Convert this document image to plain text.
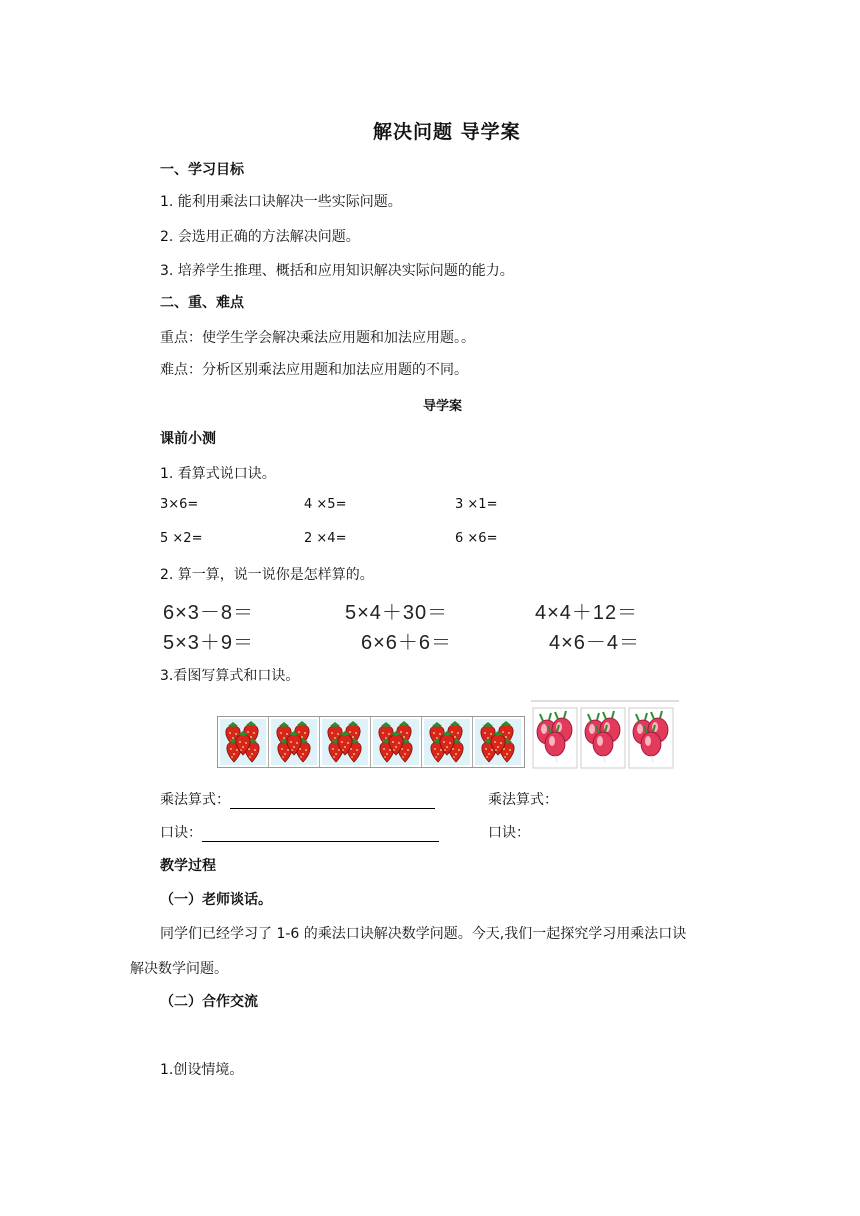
解决问题 导学案
一、学习目标
1. 能利用乘法口诀解决一些实际问题。
2. 会选用正确的方法解决问题。
3. 培养学生推理、概括和应用知识解决实际问题的能力。
二、重、难点
重点：使学生学会解决乘法应用题和加法应用题。。
难点：分析区别乘法应用题和加法应用题的不同。
导学案
课前小测
1. 看算式说口诀。
3×6=	4 ×5=	3 ×1=
5 ×2=	2 ×4=	6 ×6=
2. 算一算，说一说你是怎样算的。
6×3－8＝	5×4＋30＝	4×4＋12＝
5×3＋9＝	6×6＋6＝	4×6－4＝
3.看图写算式和口诀。
乘法算式：	乘法算式：
口诀：	口诀：
教学过程
（一）老师谈话。
同学们已经学习了 1-6 的乘法口诀解决数学问题。今天,我们一起探究学习用乘法口诀
解决数学问题。
（二）合作交流
1.创设情境。
